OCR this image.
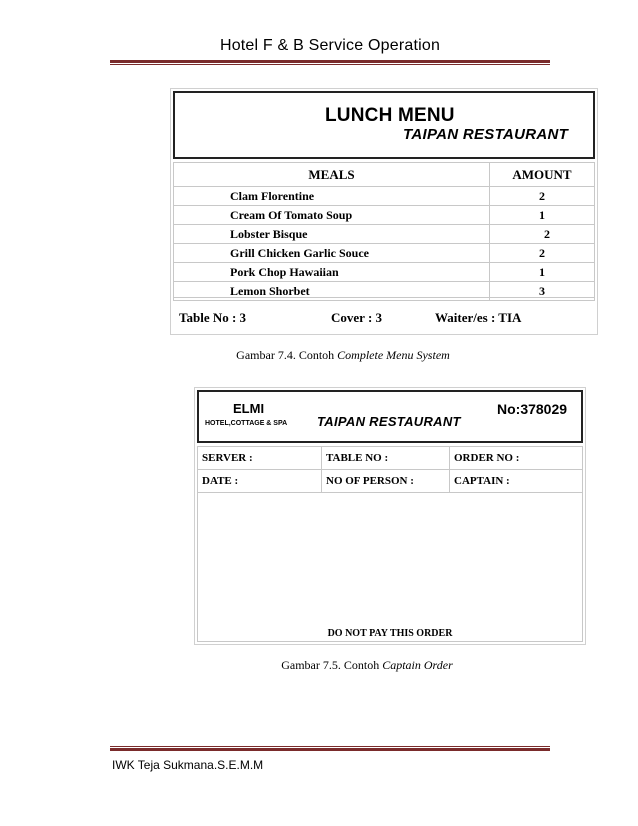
Hotel F & B Service Operation
LUNCH MENU
TAIPAN RESTAURANT
MEALS	AMOUNT
Clam Florentine	2
Cream Of Tomato Soup	1
Lobster Bisque	2
Grill Chicken Garlic Souce	2
Pork Chop Hawaiian	1
Lemon Shorbet	3
Table No : 3	Cover : 3	Waiter/es : TIA
Gambar 7.4. Contoh Complete Menu System
ELMI
HOTEL,COTTAGE & SPA TAIPAN RESTAURANT
No:378029
SERVER :	TABLE NO :	ORDER NO :
DATE :	NO OF PERSON :	CAPTAIN :
DO NOT PAY THIS ORDER
Gambar 7.5. Contoh Captain Order
IWK Teja Sukmana.S.E.M.M
